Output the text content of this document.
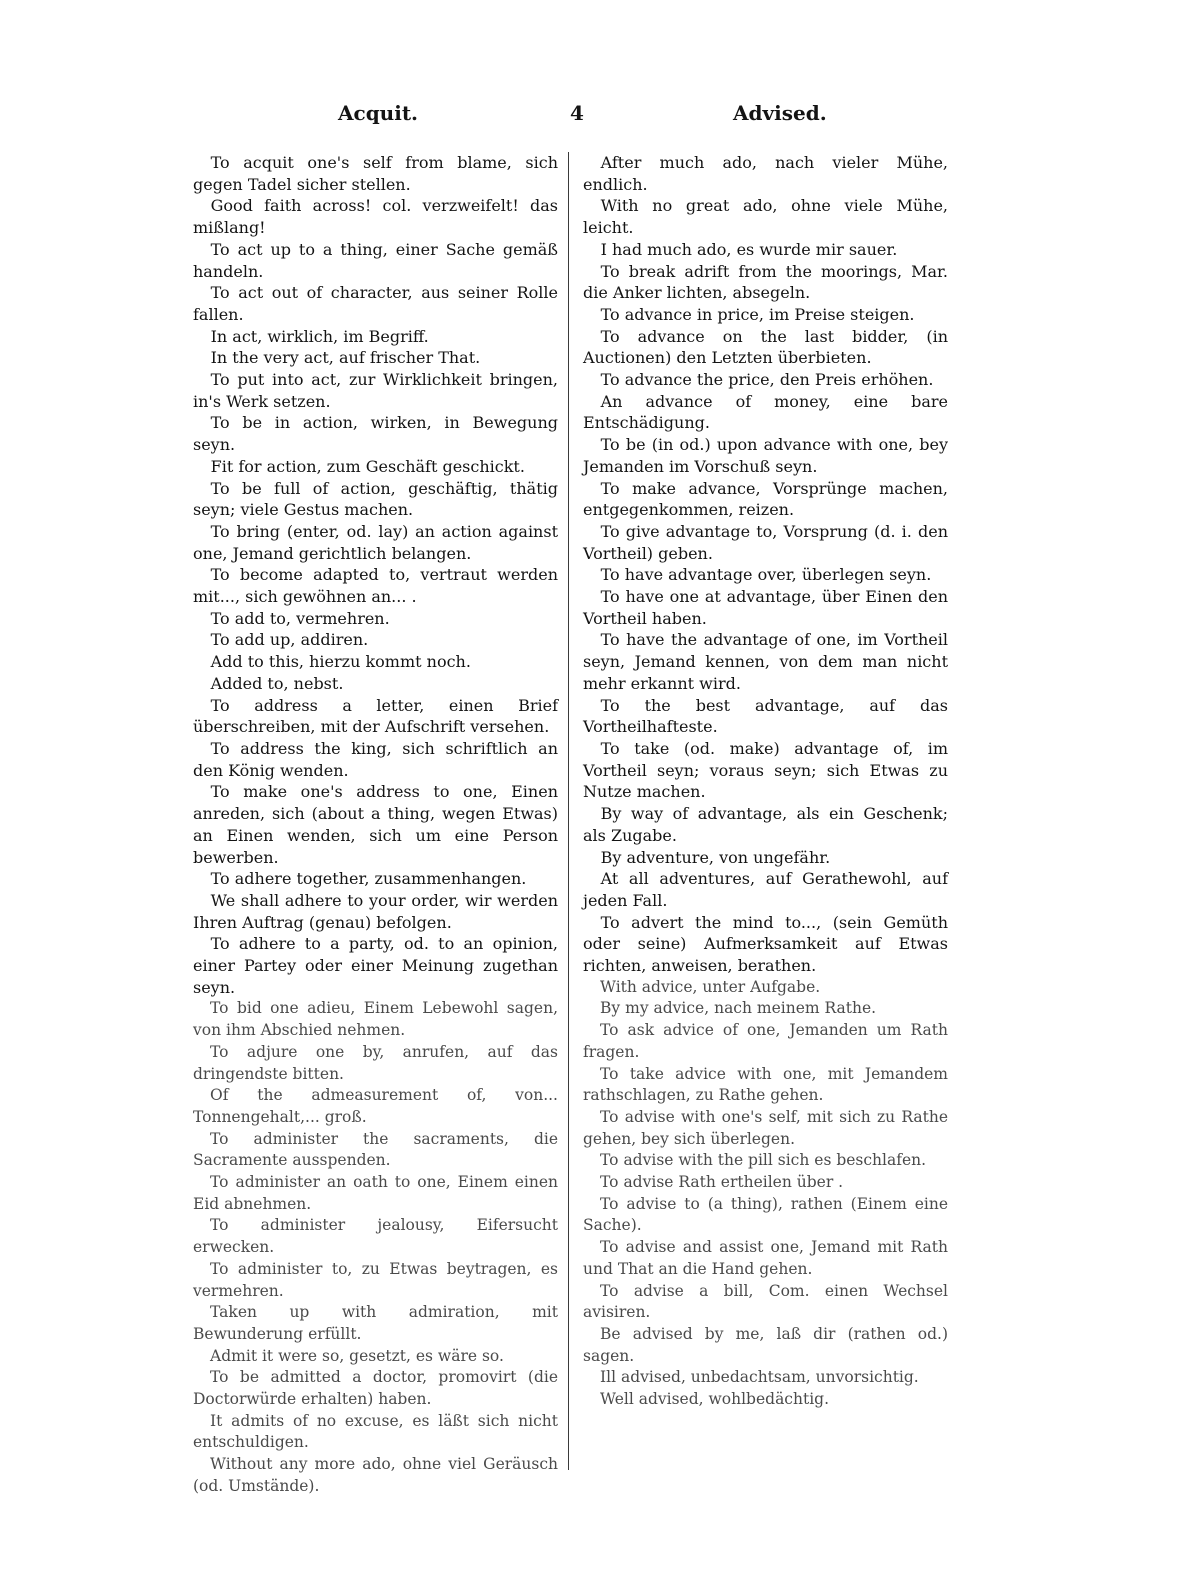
Acquit.	4	Advised.

To acquit one's self from blame, sich gegen Tadel sicher stellen.

Good faith across! col. verzweifelt! das mißlang!

To act up to a thing, einer Sache gemäß handeln.

To act out of character, aus seiner Rolle fallen.

In act, wirklich, im Begriff.

In the very act, auf frischer That.

To put into act, zur Wirklichkeit bringen, in's Werk setzen.

To be in action, wirken, in Bewegung seyn.

Fit for action, zum Geschäft geschickt.

To be full of action, geschäftig, thätig seyn; viele Gestus machen.

To bring (enter, od. lay) an action against one, Jemand gerichtlich belangen.

To become adapted to, vertraut werden mit..., sich gewöhnen an... .

To add to, vermehren.

To add up, addiren.

Add to this, hierzu kommt noch.

Added to, nebst.

To address a letter, einen Brief überschreiben, mit der Aufschrift versehen.

To address the king, sich schriftlich an den König wenden.

To make one's address to one, Einen anreden, sich (about a thing, wegen Etwas) an Einen wenden, sich um eine Person bewerben.

To adhere together, zusammenhangen.

We shall adhere to your order, wir werden Ihren Auftrag (genau) befolgen.

To adhere to a party, od. to an opinion, einer Partey oder einer Meinung zugethan seyn.

To bid one adieu, Einem Lebewohl sagen, von ihm Abschied nehmen.

To adjure one by, anrufen, auf das dringendste bitten.

Of the admeasurement of, von... Tonnengehalt,... groß.

To administer the sacraments, die Sacramente ausspenden.

To administer an oath to one, Einem einen Eid abnehmen.

To administer jealousy, Eifersucht erwecken.

To administer to, zu Etwas beytragen, es vermehren.

Taken up with admiration, mit Bewunderung erfüllt.

Admit it were so, gesetzt, es wäre so.

To be admitted a doctor, promovirt (die Doctorwürde erhalten) haben.

It admits of no excuse, es läßt sich nicht entschuldigen.

Without any more ado, ohne viel Geräusch (od. Umstände).

After much ado, nach vieler Mühe, endlich.

With no great ado, ohne viele Mühe, leicht.

I had much ado, es wurde mir sauer.

To break adrift from the moorings, Mar. die Anker lichten, absegeln.

To advance in price, im Preise steigen.

To advance on the last bidder, (in Auctionen) den Letzten überbieten.

To advance the price, den Preis erhöhen.

An advance of money, eine bare Entschädigung.

To be (in od.) upon advance with one, bey Jemanden im Vorschuß seyn.

To make advance, Vorsprünge machen, entgegenkommen, reizen.

To give advantage to, Vorsprung (d. i. den Vortheil) geben.

To have advantage over, überlegen seyn.

To have one at advantage, über Einen den Vortheil haben.

To have the advantage of one, im Vortheil seyn, Jemand kennen, von dem man nicht mehr erkannt wird.

To the best advantage, auf das Vortheilhafteste.

To take (od. make) advantage of, im Vortheil seyn; voraus seyn; sich Etwas zu Nutze machen.

By way of advantage, als ein Geschenk; als Zugabe.

By adventure, von ungefähr.

At all adventures, auf Gerathewohl, auf jeden Fall.

To advert the mind to..., (sein Gemüth oder seine) Aufmerksamkeit auf Etwas richten, anweisen, berathen.

With advice, unter Aufgabe.

By my advice, nach meinem Rathe.

To ask advice of one, Jemanden um Rath fragen.

To take advice with one, mit Jemandem rathschlagen, zu Rathe gehen.

To advise with one's self, mit sich zu Rathe gehen, bey sich überlegen.

To advise with the pill sich es beschlafen.

To advise Rath ertheilen über .

To advise to (a thing), rathen (Einem eine Sache).

To advise and assist one, Jemand mit Rath und That an die Hand gehen.

To advise a bill, Com. einen Wechsel avisiren.

Be advised by me, laß dir (rathen od.) sagen.

Ill advised, unbedachtsam, unvorsichtig.

Well advised, wohlbedächtig.
